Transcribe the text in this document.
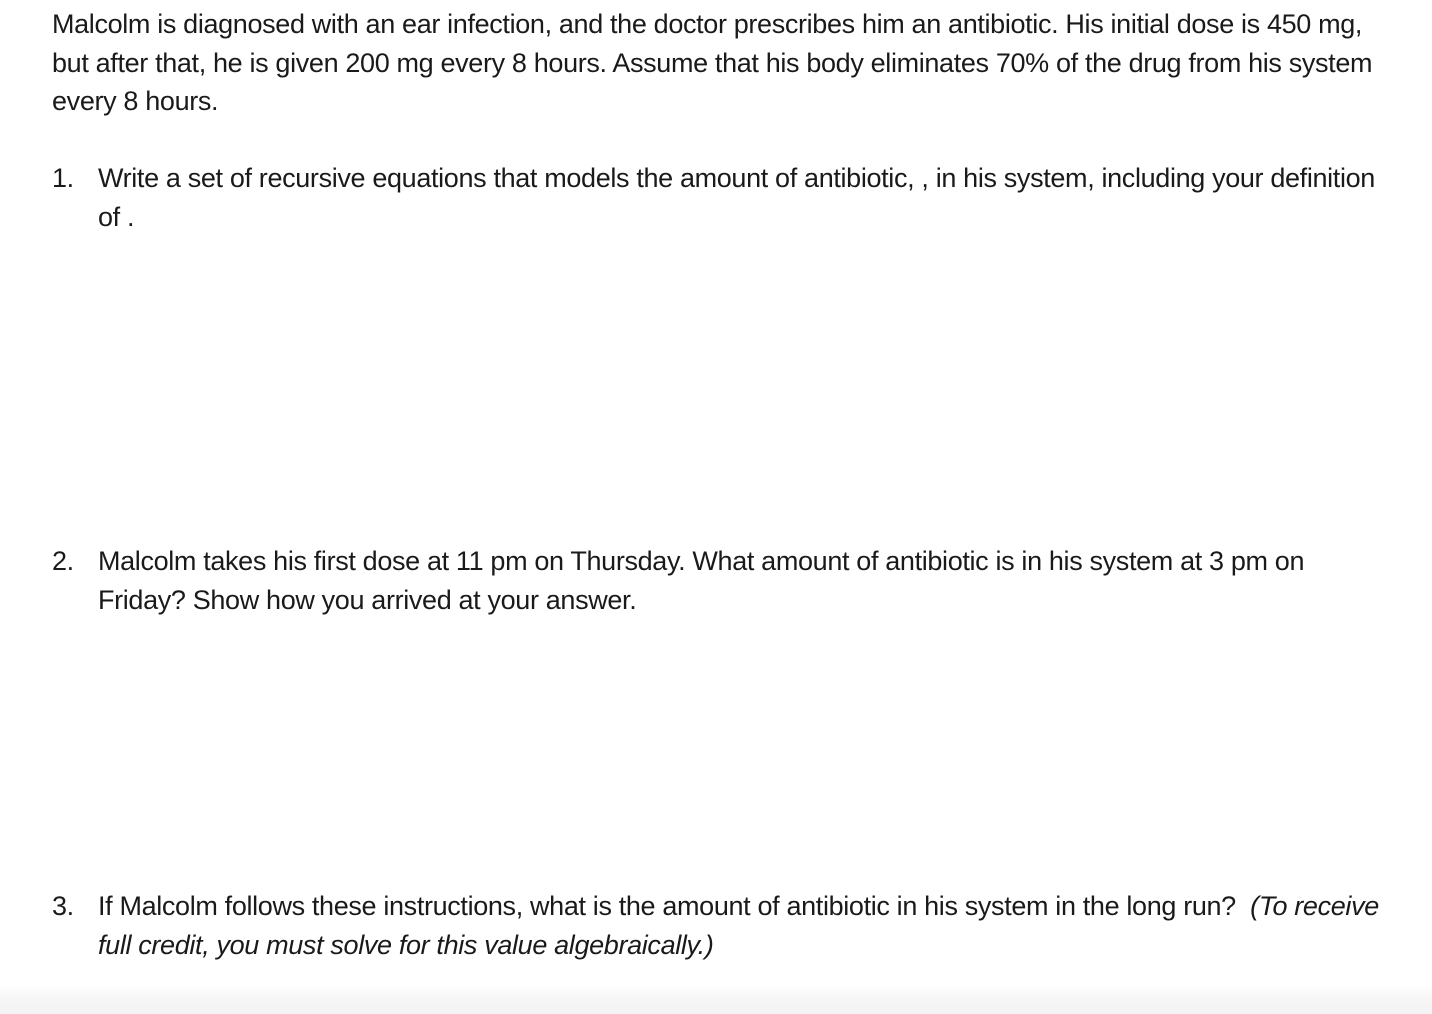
Malcolm is diagnosed with an ear infection, and the doctor prescribes him an antibiotic. His initial dose is 450 mg, but after that, he is given 200 mg every 8 hours. Assume that his body eliminates 70% of the drug from his system every 8 hours.

1. Write a set of recursive equations that models the amount of antibiotic, , in his system, including your definition of .
2. Malcolm takes his first dose at 11 pm on Thursday. What amount of antibiotic is in his system at 3 pm on Friday? Show how you arrived at your answer.
3. If Malcolm follows these instructions, what is the amount of antibiotic in his system in the long run? (To receive full credit, you must solve for this value algebraically.)
